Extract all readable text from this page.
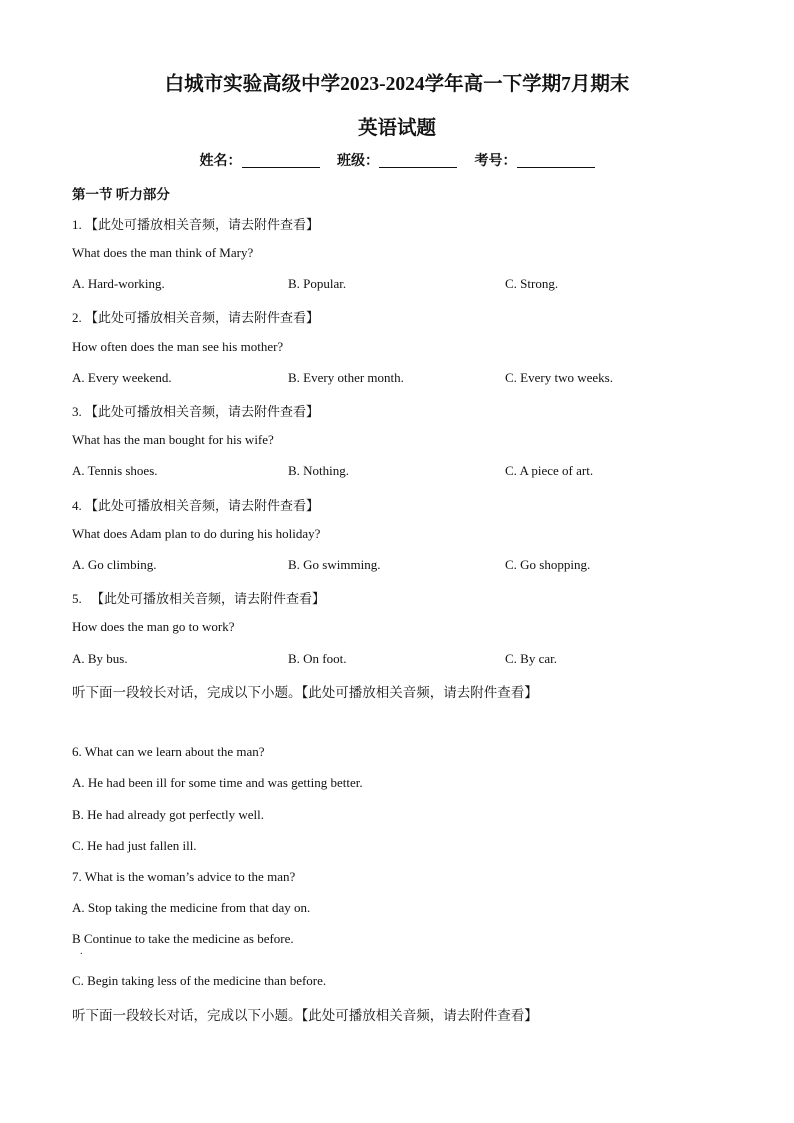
白城市实验高级中学2023-2024学年高一下学期7月期末
英语试题
姓名：	班级：	考号：
第一节 听力部分
1. 【此处可播放相关音频，请去附件查看】
What does the man think of Mary?
A. Hard-working.	B. Popular.	C. Strong.
2. 【此处可播放相关音频，请去附件查看】
How often does the man see his mother?
A. Every weekend.	B. Every other month.	C. Every two weeks.
3. 【此处可播放相关音频，请去附件查看】
What has the man bought for his wife?
A. Tennis shoes.	B. Nothing.	C. A piece of art.
4. 【此处可播放相关音频，请去附件查看】
What does Adam plan to do during his holiday?
A. Go climbing.	B. Go swimming.	C. Go shopping.
5. 【此处可播放相关音频，请去附件查看】
How does the man go to work?
A. By bus.	B. On foot.	C. By car.
听下面一段较长对话，完成以下小题。【此处可播放相关音频，请去附件查看】
6. What can we learn about the man?
A. He had been ill for some time and was getting better.
B. He had already got perfectly well.
C. He had just fallen ill.
7. What is the woman’s advice to the man?
A. Stop taking the medicine from that day on.
B Continue to take the medicine as before.
.
C. Begin taking less of the medicine than before.
听下面一段较长对话，完成以下小题。【此处可播放相关音频，请去附件查看】
